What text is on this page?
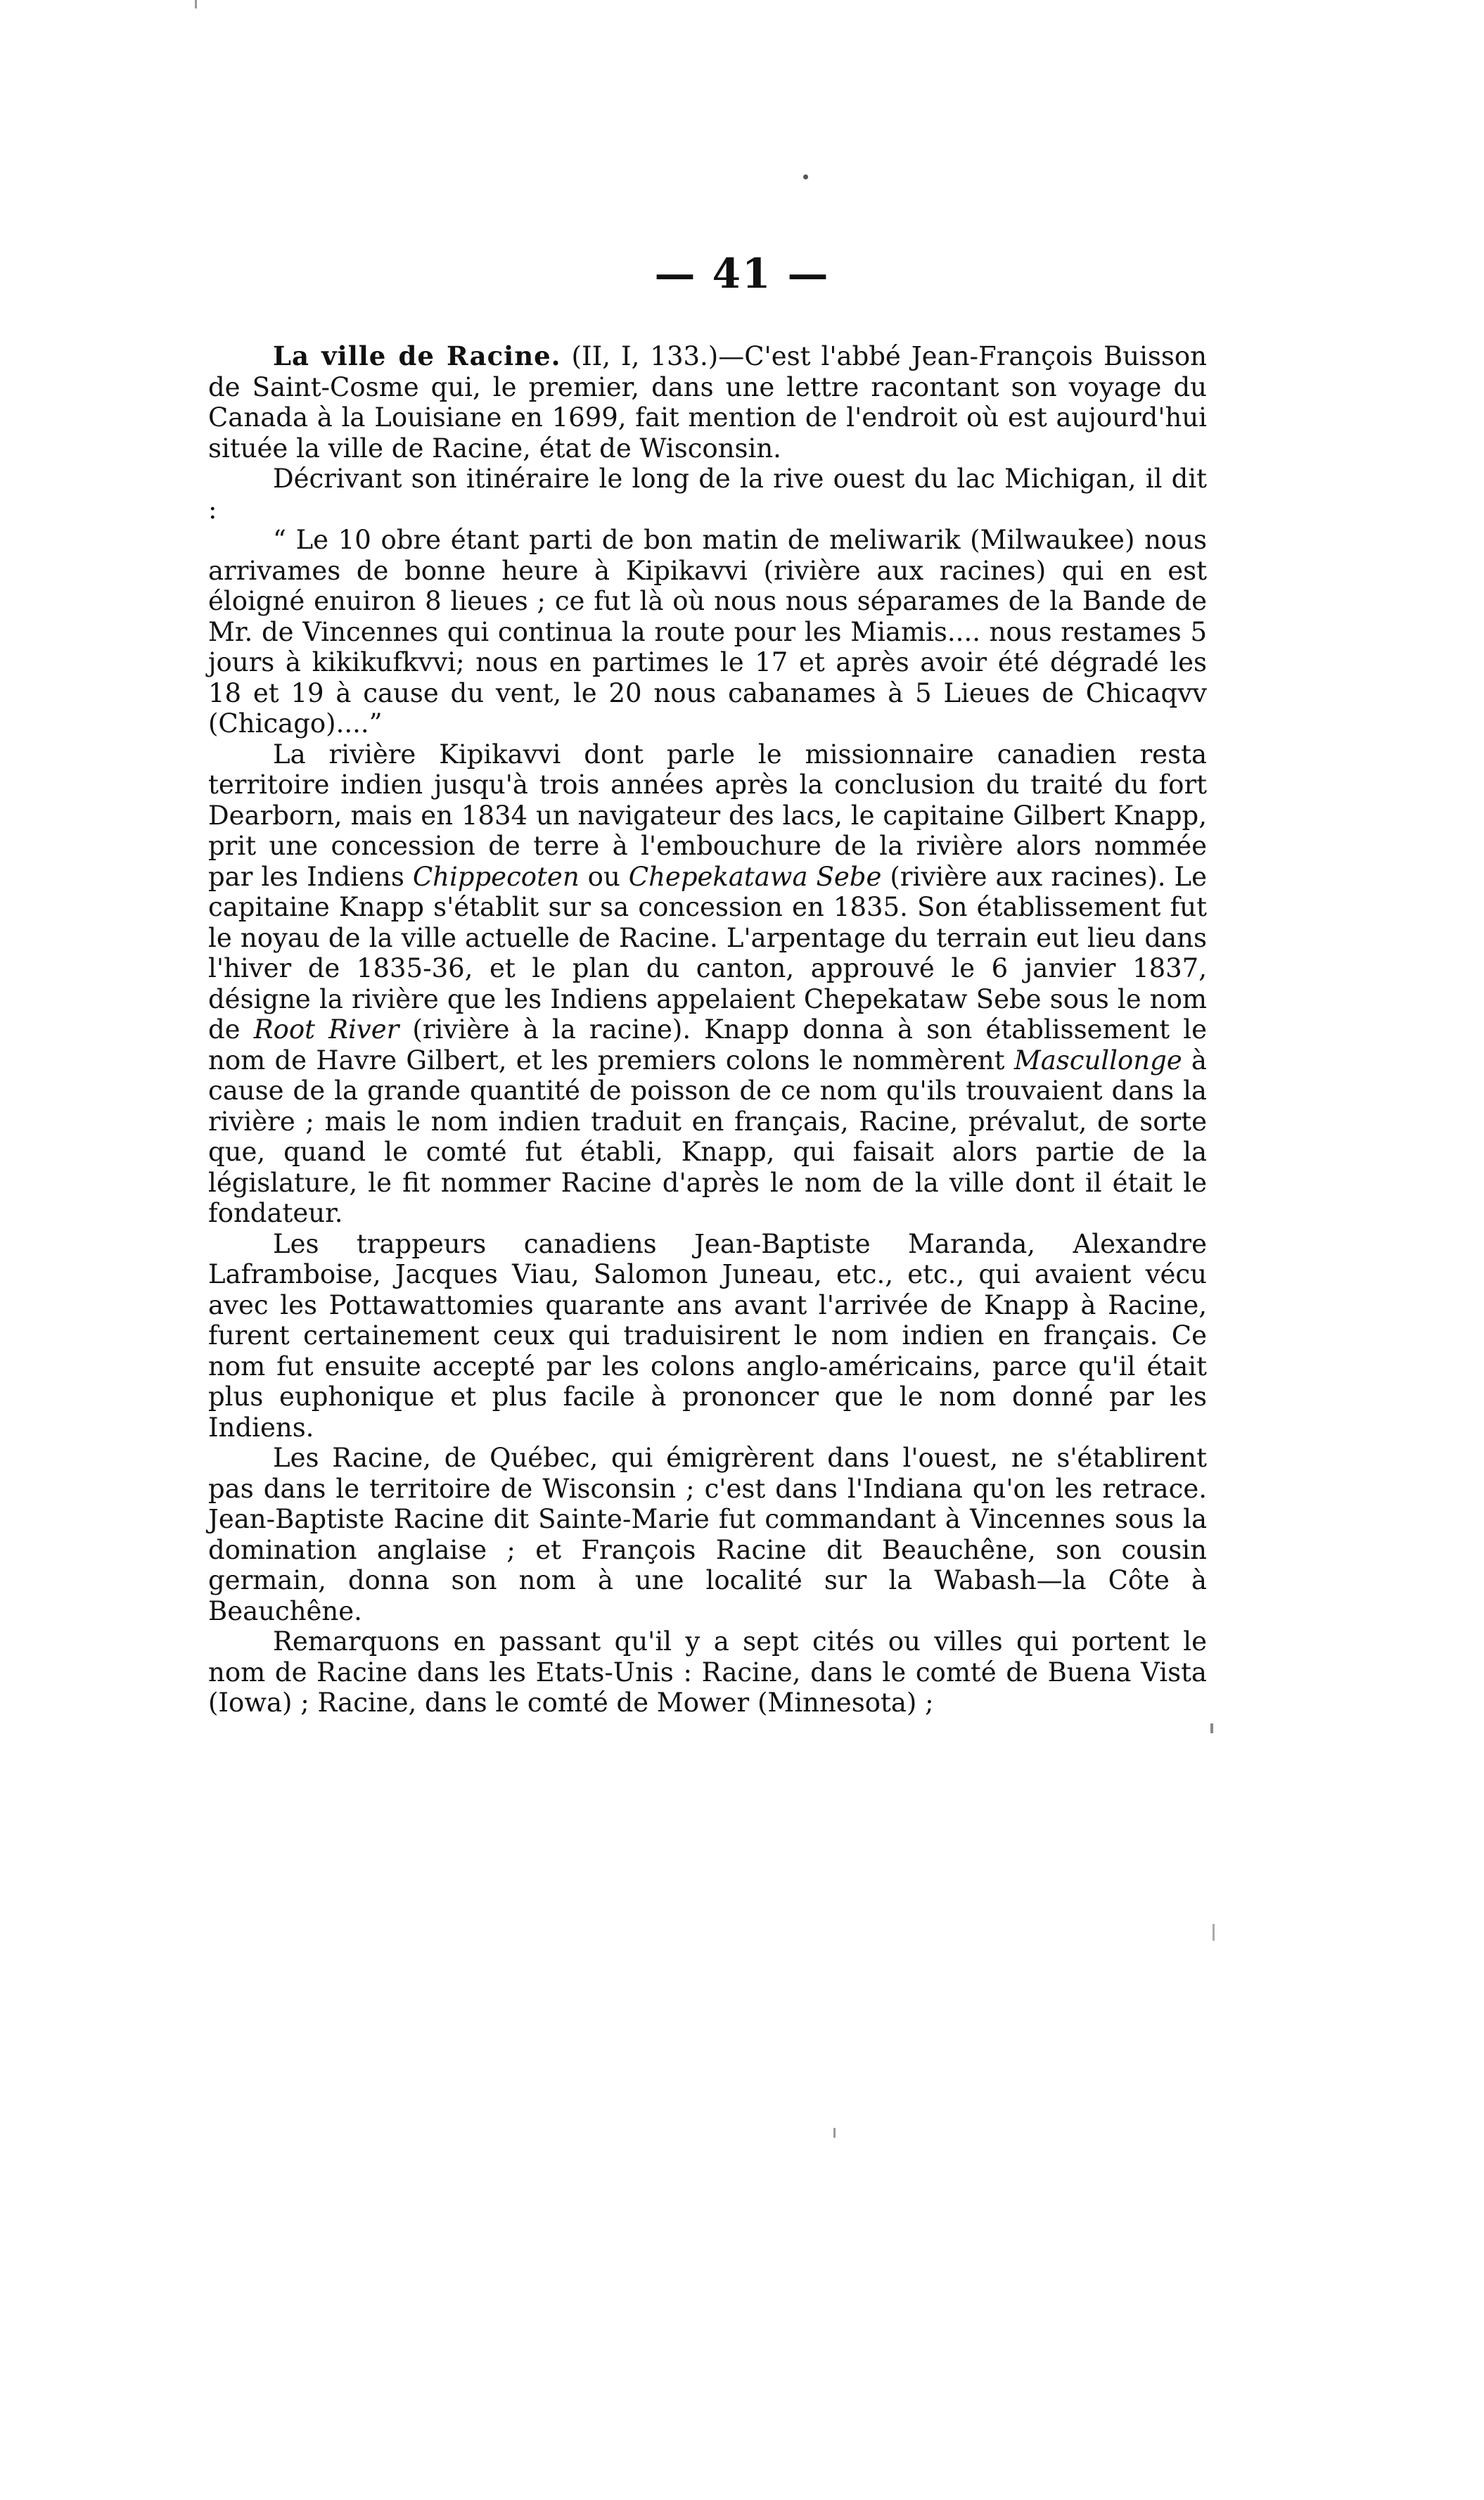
— 41 —

La ville de Racine. (II, I, 133.)—C'est l'abbé Jean-François Buisson de Saint-Cosme qui, le premier, dans une lettre racontant son voyage du Canada à la Louisiane en 1699, fait mention de l'endroit où est aujourd'hui située la ville de Racine, état de Wisconsin.

Décrivant son itinéraire le long de la rive ouest du lac Michigan, il dit :

“ Le 10 obre étant parti de bon matin de meliwarik (Milwaukee) nous arrivames de bonne heure à Kipikavvi (rivière aux racines) qui en est éloigné enuiron 8 lieues ; ce fut là où nous nous séparames de la Bande de Mr. de Vincennes qui continua la route pour les Miamis.... nous restames 5 jours à kikikufkvvi; nous en partimes le 17 et après avoir été dégradé les 18 et 19 à cause du vent, le 20 nous cabanames à 5 Lieues de Chicaqvv (Chicago)....”

La rivière Kipikavvi dont parle le missionnaire canadien resta territoire indien jusqu'à trois années après la conclusion du traité du fort Dearborn, mais en 1834 un navigateur des lacs, le capitaine Gilbert Knapp, prit une concession de terre à l'embouchure de la rivière alors nommée par les Indiens Chippecoten ou Chepekatawa Sebe (rivière aux racines). Le capitaine Knapp s'établit sur sa concession en 1835. Son établissement fut le noyau de la ville actuelle de Racine. L'arpentage du terrain eut lieu dans l'hiver de 1835-36, et le plan du canton, approuvé le 6 janvier 1837, désigne la rivière que les Indiens appelaient Chepekataw Sebe sous le nom de Root River (rivière à la racine). Knapp donna à son établissement le nom de Havre Gilbert, et les premiers colons le nommèrent Mascullonge à cause de la grande quantité de poisson de ce nom qu'ils trouvaient dans la rivière ; mais le nom indien traduit en français, Racine, prévalut, de sorte que, quand le comté fut établi, Knapp, qui faisait alors partie de la législature, le fit nommer Racine d'après le nom de la ville dont il était le fondateur.

Les trappeurs canadiens Jean-Baptiste Maranda, Alexandre Laframboise, Jacques Viau, Salomon Juneau, etc., etc., qui avaient vécu avec les Pottawattomies quarante ans avant l'arrivée de Knapp à Racine, furent certainement ceux qui traduisirent le nom indien en français. Ce nom fut ensuite accepté par les colons anglo-américains, parce qu'il était plus euphonique et plus facile à prononcer que le nom donné par les Indiens.

Les Racine, de Québec, qui émigrèrent dans l'ouest, ne s'établirent pas dans le territoire de Wisconsin ; c'est dans l'Indiana qu'on les retrace. Jean-Baptiste Racine dit Sainte-Marie fut commandant à Vincennes sous la domination anglaise ; et François Racine dit Beauchêne, son cousin germain, donna son nom à une localité sur la Wabash—la Côte à Beauchêne.

Remarquons en passant qu'il y a sept cités ou villes qui portent le nom de Racine dans les Etats-Unis : Racine, dans le comté de Buena Vista (Iowa) ; Racine, dans le comté de Mower (Minnesota) ;
